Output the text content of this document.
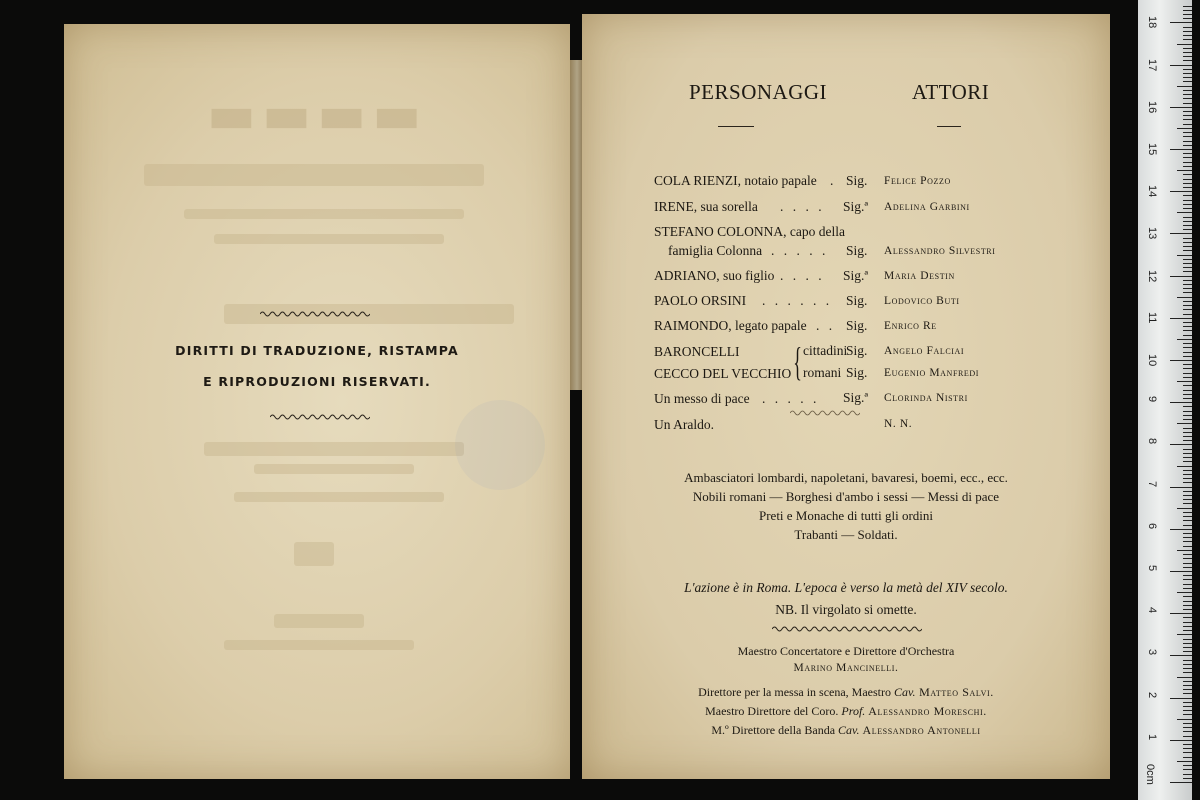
▬▬▬▬
DIRITTI DI TRADUZIONE, RISTAMPA
E RIPRODUZIONI RISERVATI.

PERSONAGGI	ATTORI
COLA RIENZI, notaio papale . Sig. Felice Pozzo
IRENE, sua sorella . . . . Sig.ª Adelina Garbini
STEFANO COLONNA, capo della
famiglia Colonna . . . . . Sig. Alessandro Silvestri
ADRIANO, suo figlio . . . . Sig.ª Maria Destin
PAOLO ORSINI . . . . . . Sig. Lodovico Buti
RAIMONDO, legato papale . . Sig. Enrico Re
BARONCELLI { cittadini
Sig. Angelo Falciai
CECCO DEL VECCHIO romani Sig. Eugenio Manfredi
Un messo di pace . . . . . Sig.ª Clorinda Nistri
Un Araldo.	N. N.
Ambasciatori lombardi, napoletani, bavaresi, boemi, ecc., ecc.
Nobili romani — Borghesi d'ambo i sessi — Messi di pace
Preti e Monache di tutti gli ordini
Trabanti — Soldati.
L'azione è in Roma. L'epoca è verso la metà del XIV secolo.
NB. Il virgolato si omette.
Maestro Concertatore e Direttore d'Orchestra
Marino Mancinelli.
Direttore per la messa in scena, Maestro Cav. Matteo Salvi.
Maestro Direttore del Coro. Prof. Alessandro Moreschi.
M.º Direttore della Banda Cav. Alessandro Antonelli
0cm
1
2
3
4
5
6
7
8
9
10
11
12
13
14
15
16
17
18
